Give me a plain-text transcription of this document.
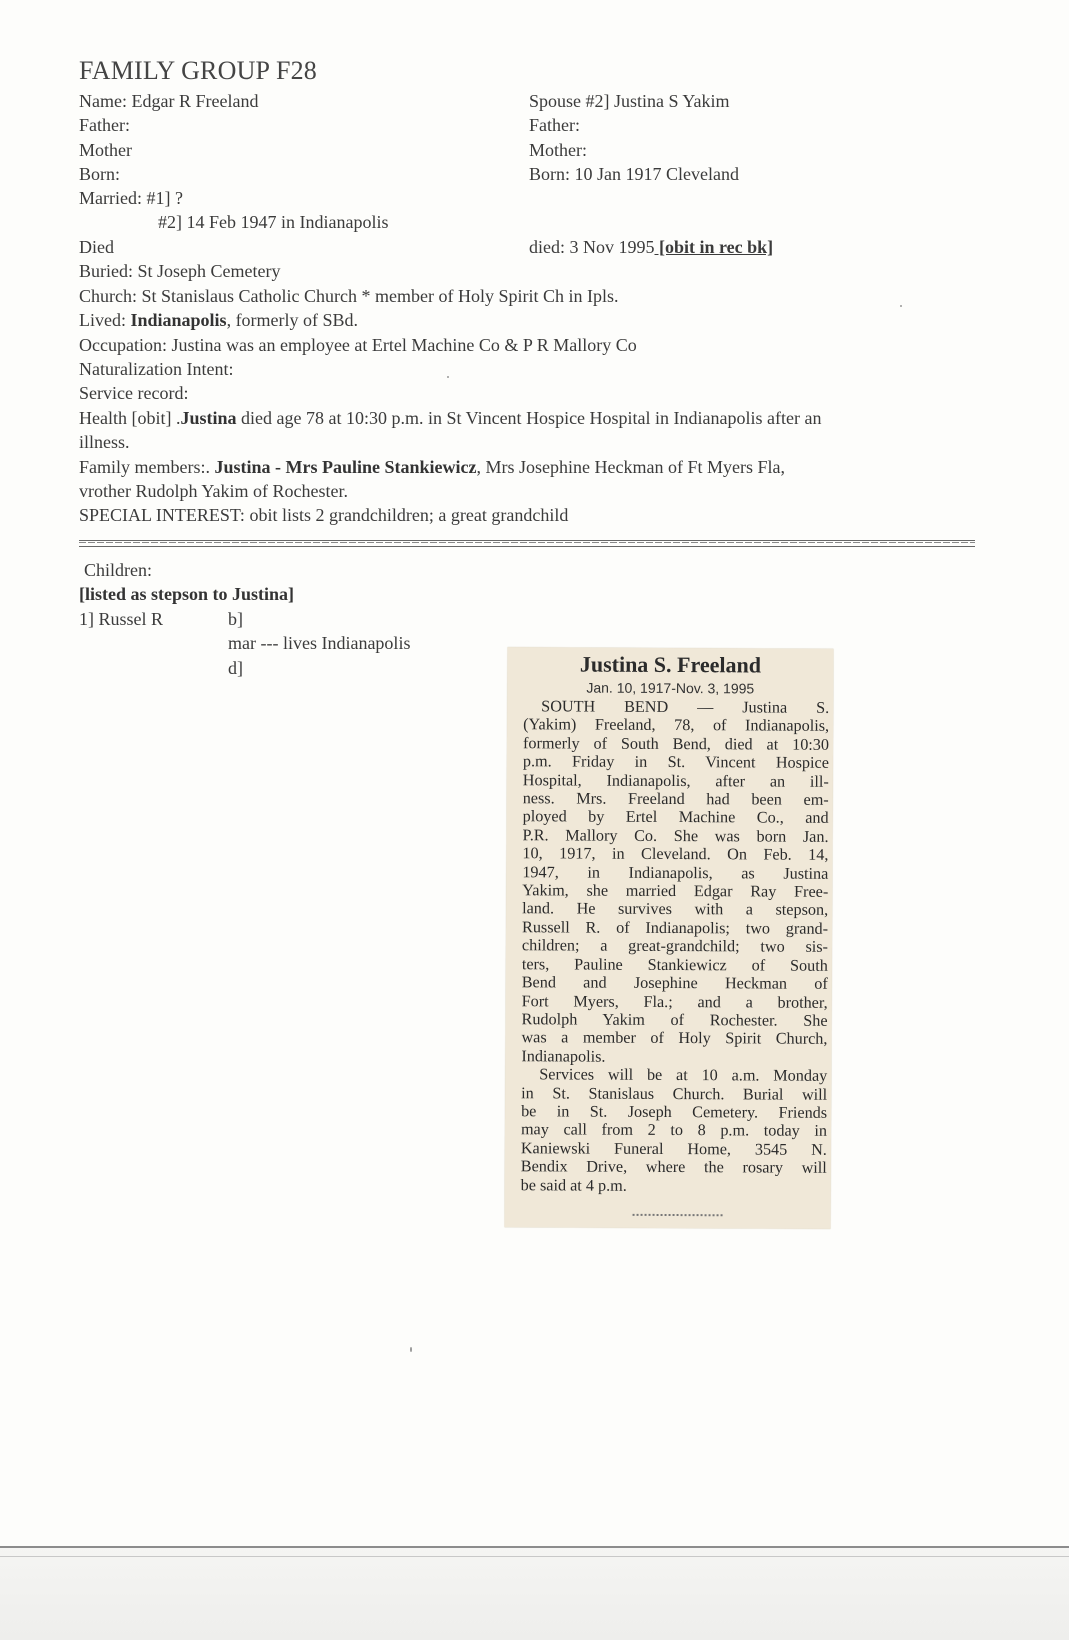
FAMILY GROUP F28
Name: Edgar R Freeland
Father:
Mother
Born:
Married: #1] ?
#2] 14 Feb 1947 in Indianapolis
Died
Spouse #2] Justina S Yakim
Father:
Mother:
Born: 10 Jan 1917 Cleveland
died: 3 Nov 1995 [obit in rec bk]
Buried: St Joseph Cemetery
Church: St Stanislaus Catholic Church * member of Holy Spirit Ch in Ipls.
Lived: Indianapolis, formerly of SBd.
Occupation: Justina was an employee at Ertel Machine Co & P R Mallory Co
Naturalization Intent:
Service record:
Health [obit] .Justina died age 78 at 10:30 p.m. in St Vincent Hospice Hospital in Indianapolis after an
illness.
Family members:. Justina - Mrs Pauline Stankiewicz, Mrs Josephine Heckman of Ft Myers Fla,
vrother Rudolph Yakim of Rochester.
SPECIAL INTEREST: obit lists 2 grandchildren; a great grandchild
Children:
[listed as stepson to Justina]
1] Russel R	b]
mar --- lives Indianapolis
d]	Justina S. Freeland
Jan. 10, 1917-Nov. 3, 1995
SOUTH BEND — Justina S.
(Yakim) Freeland, 78, of Indianapolis,
formerly of South Bend, died at 10:30
p.m. Friday in St. Vincent Hospice
Hospital, Indianapolis, after an ill-
ness. Mrs. Freeland had been em-
ployed by Ertel Machine Co., and
P.R. Mallory Co. She was born Jan.
10, 1917, in Cleveland. On Feb. 14,
1947, in Indianapolis, as Justina
Yakim, she married Edgar Ray Free-
land. He survives with a stepson,
Russell R. of Indianapolis; two grand-
children; a great-grandchild; two sis-
ters, Pauline Stankiewicz of South
Bend and Josephine Heckman of
Fort Myers, Fla.; and a brother,
Rudolph Yakim of Rochester. She
was a member of Holy Spirit Church,
Indianapolis.
Services will be at 10 a.m. Monday
in St. Stanislaus Church. Burial will
be in St. Joseph Cemetery. Friends
may call from 2 to 8 p.m. today in
Kaniewski Funeral Home, 3545 N.
Bendix Drive, where the rosary will
be said at 4 p.m.
